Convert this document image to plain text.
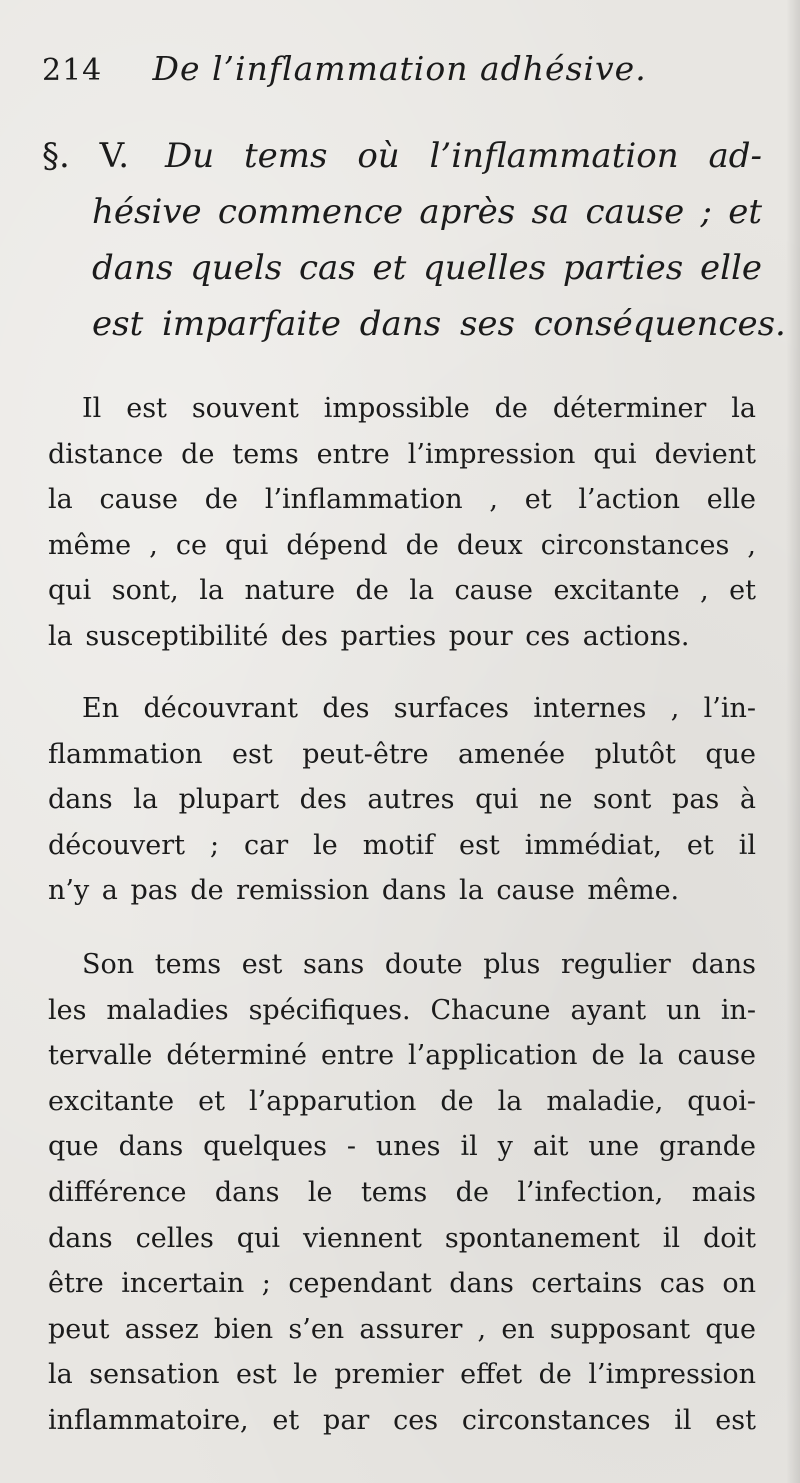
214 De l’inflammation adhésive.
§. V. Du tems où l’inflammation ad-
hésive commence après sa cause ; et
dans quels cas et quelles parties elle
est imparfaite dans ses conséquences.
Il est souvent impossible de déterminer la
distance de tems entre l’impression qui devient
la cause de l’inflammation , et l’action elle
même , ce qui dépend de deux circonstances ,
qui sont, la nature de la cause excitante , et
la susceptibilité des parties pour ces actions.
En découvrant des surfaces internes , l’in-
flammation est peut-être amenée plutôt que
dans la plupart des autres qui ne sont pas à
découvert ; car le motif est immédiat, et il
n’y a pas de remission dans la cause même.
Son tems est sans doute plus regulier dans
les maladies spécifiques. Chacune ayant un in-
tervalle déterminé entre l’application de la cause
excitante et l’apparution de la maladie, quoi-
que dans quelques - unes il y ait une grande
différence dans le tems de l’infection, mais
dans celles qui viennent spontanement il doit
être incertain ; cependant dans certains cas on
peut assez bien s’en assurer , en supposant que
la sensation est le premier effet de l’impression
inflammatoire, et par ces circonstances il est
